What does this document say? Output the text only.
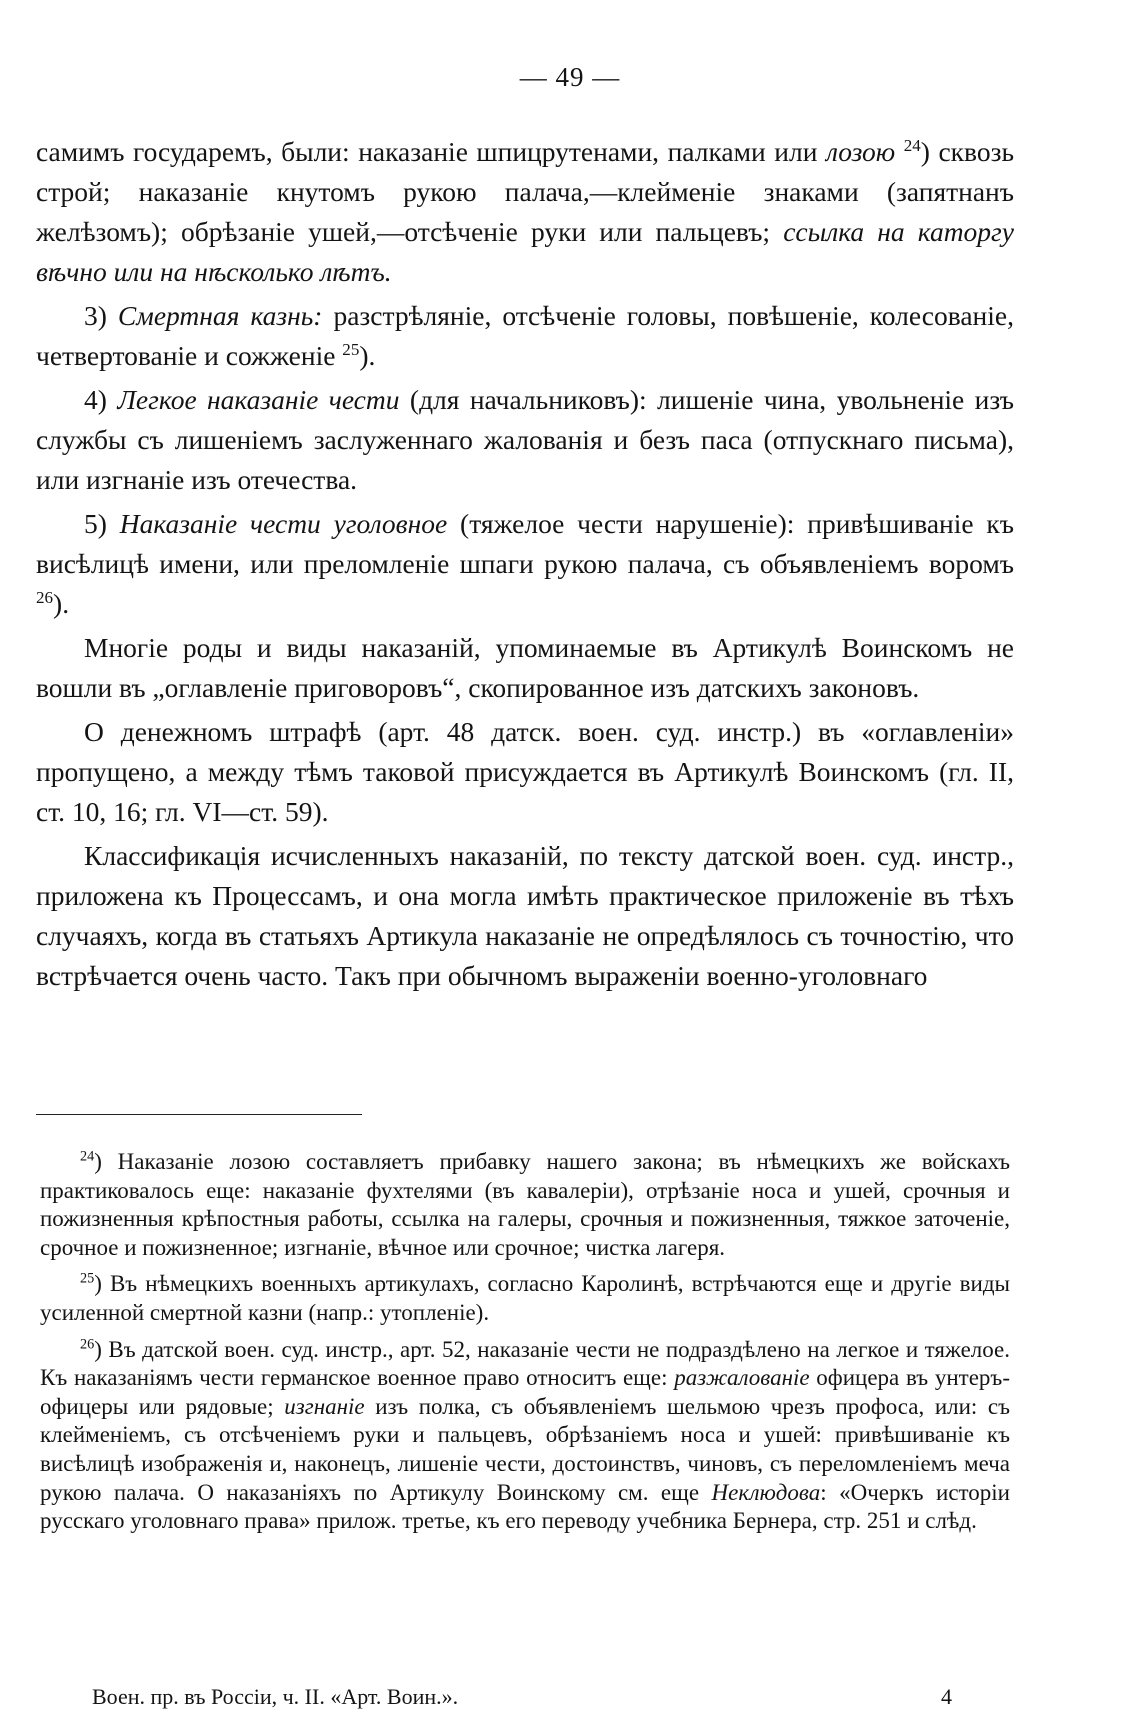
— 49 —

самимъ государемъ, были: наказаніе шпицрутенами, палками или лозою $^{24}$) сквозь строй; наказаніе кнутомъ рукою палача,—клейменіе знаками (запятнанъ желѣзомъ); обрѣзаніе ушей,—отсѣченіе руки или пальцевъ; ссылка на каторгу вѣчно или на нѣсколько лѣтъ.

3) Смертная казнь: разстрѣляніе, отсѣченіе головы, повѣшеніе, колесованіе, четвертованіе и сожженіе $^{25}$).

4) Легкое наказаніе чести (для начальниковъ): лишеніе чина, увольненіе изъ службы съ лишеніемъ заслуженнаго жалованія и безъ паса (отпускнаго письма), или изгнаніе изъ отечества.

5) Наказаніе чести уголовное (тяжелое чести нарушеніе): привѣшиваніе къ висѣлицѣ имени, или преломленіе шпаги рукою палача, съ объявленіемъ воромъ $^{26}$).

Многіе роды и виды наказаній, упоминаемые въ Артикулѣ Воинскомъ не вошли въ „оглавленіе приговоровъ“, скопированное изъ датскихъ законовъ.

О денежномъ штрафѣ (арт. 48 датск. воен. суд. инстр.) въ «оглавленіи» пропущено, а между тѣмъ таковой присуждается въ Артикулѣ Воинскомъ (гл. II, ст. 10, 16; гл. VI—ст. 59).

Классификація исчисленныхъ наказаній, по тексту датской воен. суд. инстр., приложена къ Процессамъ, и она могла имѣть практическое приложеніе въ тѣхъ случаяхъ, когда въ статьяхъ Артикула наказаніе не опредѣлялось съ точностію, что встрѣчается очень часто. Такъ при обычномъ выраженіи военно-уголовнаго

$^{24}$) Наказаніе лозою составляетъ прибавку нашего закона; въ нѣмецкихъ же войскахъ практиковалось еще: наказаніе фухтелями (въ кавалеріи), отрѣзаніе носа и ушей, срочныя и пожизненныя крѣпостныя работы, ссылка на галеры, срочныя и пожизненныя, тяжкое заточеніе, срочное и пожизненное; изгнаніе, вѣчное или срочное; чистка лагеря.

$^{25}$) Въ нѣмецкихъ военныхъ артикулахъ, согласно Каролинѣ, встрѣчаются еще и другіе виды усиленной смертной казни (напр.: утопленіе).

$^{26}$) Въ датской воен. суд. инстр., арт. 52, наказаніе чести не подраздѣлено на легкое и тяжелое. Къ наказаніямъ чести германское военное право относитъ еще: разжалованіе офицера въ унтеръ-офицеры или рядовые; изгнаніе изъ полка, съ объявленіемъ шельмою чрезъ профоса, или: съ клейменіемъ, съ отсѣченіемъ руки и пальцевъ, обрѣзаніемъ носа и ушей: привѣшиваніе къ висѣлицѣ изображенія и, наконецъ, лишеніе чести, достоинствъ, чиновъ, съ переломленіемъ меча рукою палача. О наказаніяхъ по Артикулу Воинскому см. еще Неклюдова: «Очеркъ исторіи русскаго уголовнаго права» прилож. третье, къ его переводу учебника Бернера, стр. 251 и слѣд.

Воен. пр. въ Россіи, ч. II. «Арт. Воин.».	4
